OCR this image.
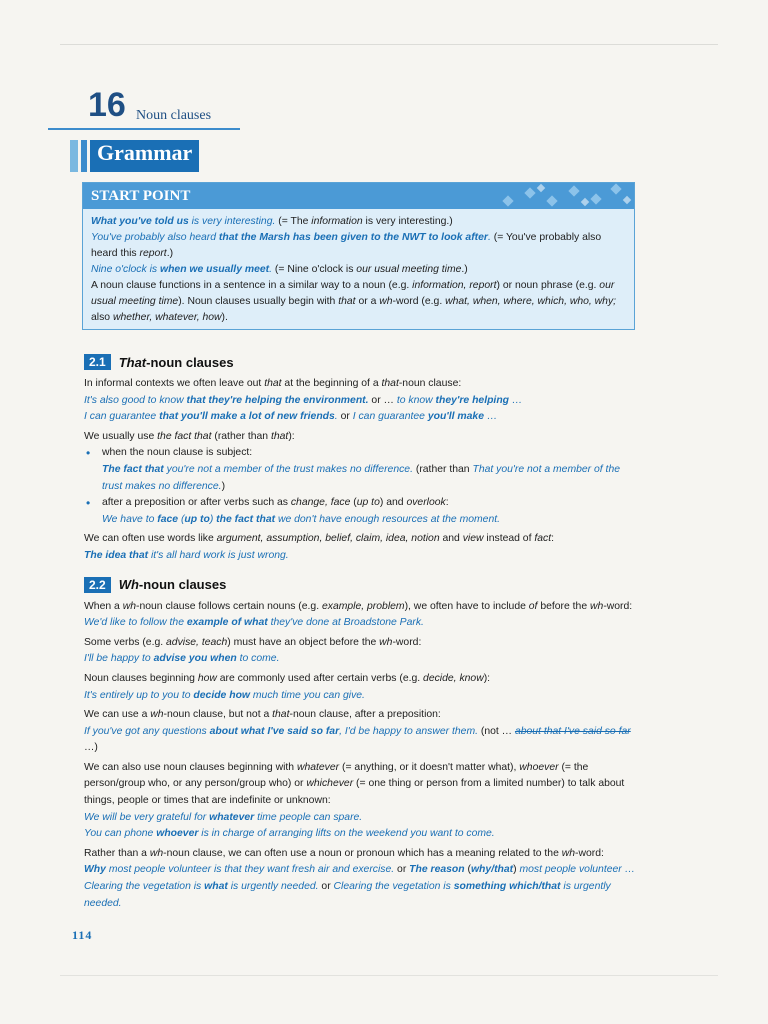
16 Noun clauses
Grammar
START POINT

What you've told us is very interesting. (= The information is very interesting.)

You've probably also heard that the Marsh has been given to the NWT to look after. (= You've probably also heard this report.)

Nine o'clock is when we usually meet. (= Nine o'clock is our usual meeting time.)

A noun clause functions in a sentence in a similar way to a noun (e.g. information, report) or noun phrase (e.g. our usual meeting time). Noun clauses usually begin with that or a wh-word (e.g. what, when, where, which, who, why; also whether, whatever, how).

2.1	That-noun clauses

In informal contexts we often leave out that at the beginning of a that-noun clause:

It's also good to know that they're helping the environment. or … to know they're helping …

I can guarantee that you'll make a lot of new friends. or I can guarantee you'll make …

We usually use the fact that (rather than that):

• when the noun clause is subject:

The fact that you're not a member of the trust makes no difference. (rather than That you're not a member of the trust makes no difference.)

• after a preposition or after verbs such as change, face (up to) and overlook:

We have to face (up to) the fact that we don't have enough resources at the moment.

We can often use words like argument, assumption, belief, claim, idea, notion and view instead of fact:

The idea that it's all hard work is just wrong.

2.2	Wh-noun clauses

When a wh-noun clause follows certain nouns (e.g. example, problem), we often have to include of before the wh-word:

We'd like to follow the example of what they've done at Broadstone Park.

Some verbs (e.g. advise, teach) must have an object before the wh-word:

I'll be happy to advise you when to come.

Noun clauses beginning how are commonly used after certain verbs (e.g. decide, know):

It's entirely up to you to decide how much time you can give.

We can use a wh-noun clause, but not a that-noun clause, after a preposition:

If you've got any questions about what I've said so far, I'd be happy to answer them. (not … about that I've said so far …)

We can also use noun clauses beginning with whatever (= anything, or it doesn't matter what), whoever (= the person/group who, or any person/group who) or whichever (= one thing or person from a limited number) to talk about things, people or times that are indefinite or unknown:

We will be very grateful for whatever time people can spare.

You can phone whoever is in charge of arranging lifts on the weekend you want to come.

Rather than a wh-noun clause, we can often use a noun or pronoun which has a meaning related to the wh-word:

Why most people volunteer is that they want fresh air and exercise. or The reason (why/that) most people volunteer …

Clearing the vegetation is what is urgently needed. or Clearing the vegetation is something which/that is urgently needed.

114
